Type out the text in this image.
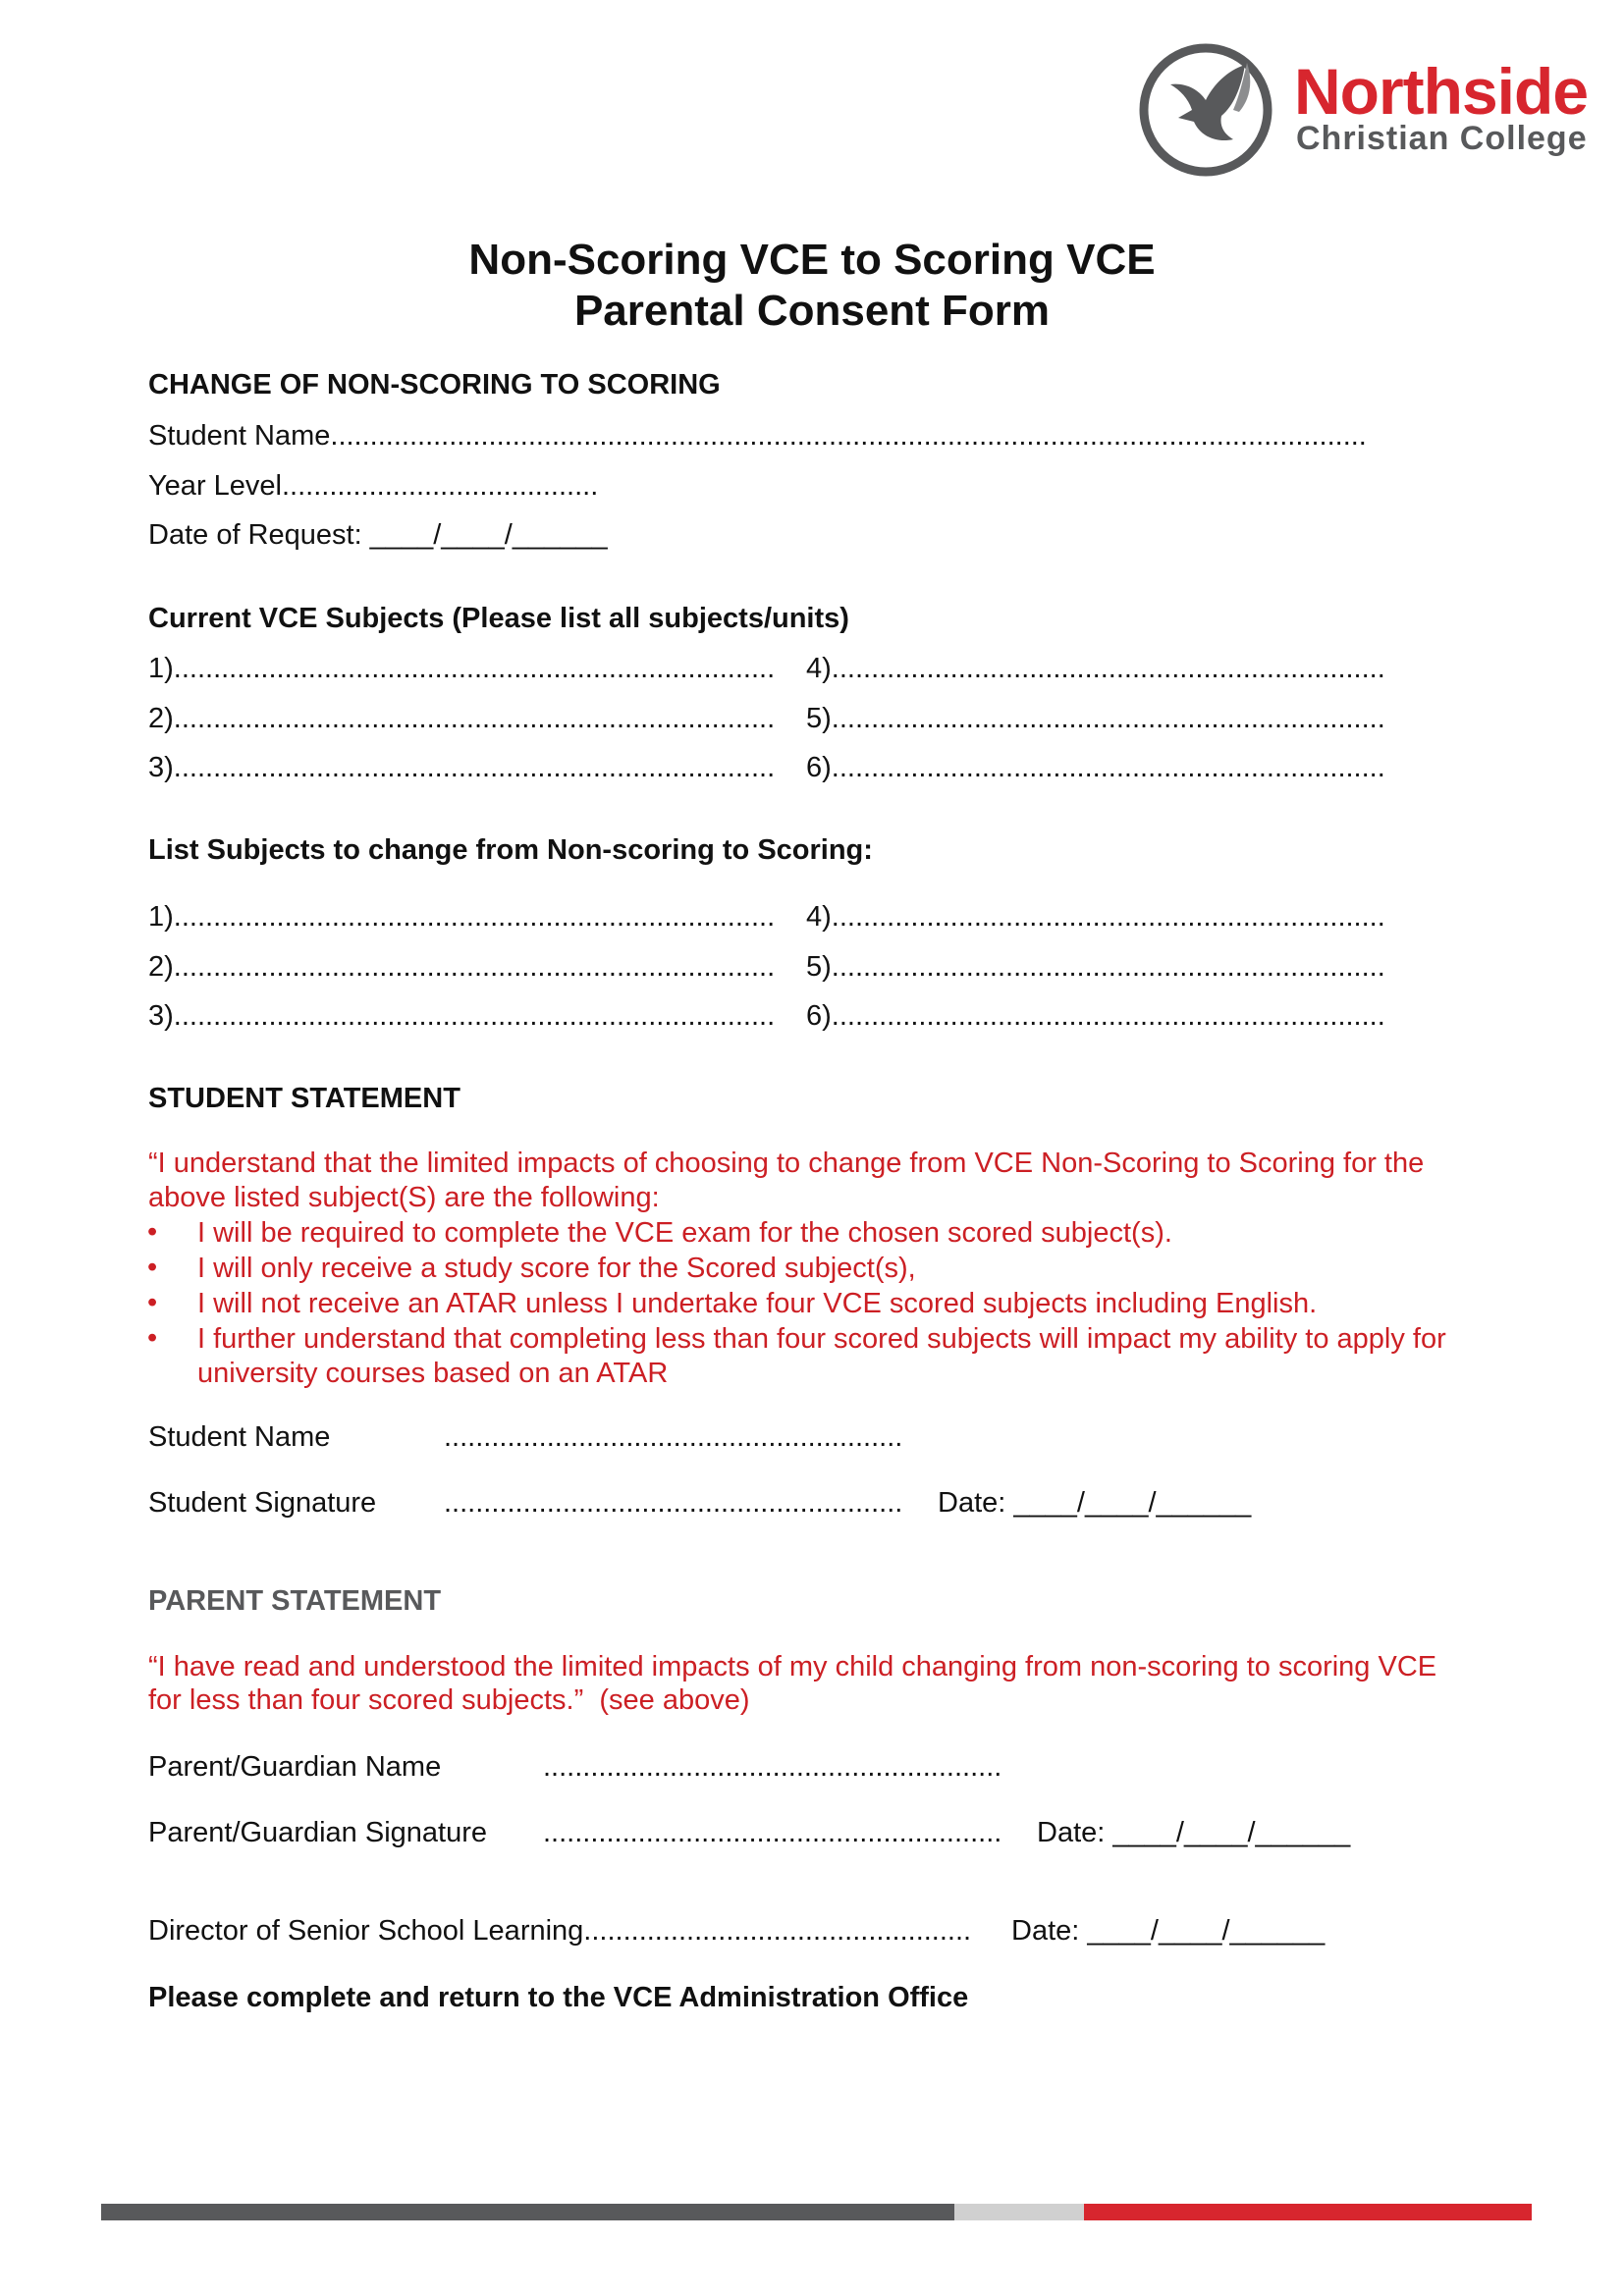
Northside
Christian College
Non-Scoring VCE to Scoring VCE
Parental Consent Form
CHANGE OF NON-SCORING TO SCORING
Student Name...................................................................................................................................
Year Level........................................
Date of Request: ____/____/______
Current VCE Subjects (Please list all subjects/units)
1)............................................................................
2)............................................................................
3)............................................................................
4)......................................................................
5)......................................................................
6)......................................................................
List Subjects to change from Non-scoring to Scoring:
1)............................................................................
2)............................................................................
3)............................................................................
4)......................................................................
5)......................................................................
6)......................................................................
STUDENT STATEMENT
“I understand that the limited impacts of choosing to change from VCE Non-Scoring to Scoring for the
above listed subject(S) are the following:
• I will be required to complete the VCE exam for the chosen scored subject(s).
• I will only receive a study score for the Scored subject(s),
• I will not receive an ATAR unless I undertake four VCE scored subjects including English.
• I further understand that completing less than four scored subjects will impact my ability to apply for
university courses based on an ATAR
Student Name	..........................................................
Student Signature .......................................................... Date: ____/____/______
PARENT STATEMENT
“I have read and understood the limited impacts of my child changing from non-scoring to scoring VCE
for less than four scored subjects.”  (see above)
Parent/Guardian Name	..........................................................
Parent/Guardian Signature .......................................................... Date: ____/____/______
Director of Senior School Learning................................................. Date: ____/____/______
Please complete and return to the VCE Administration Office
